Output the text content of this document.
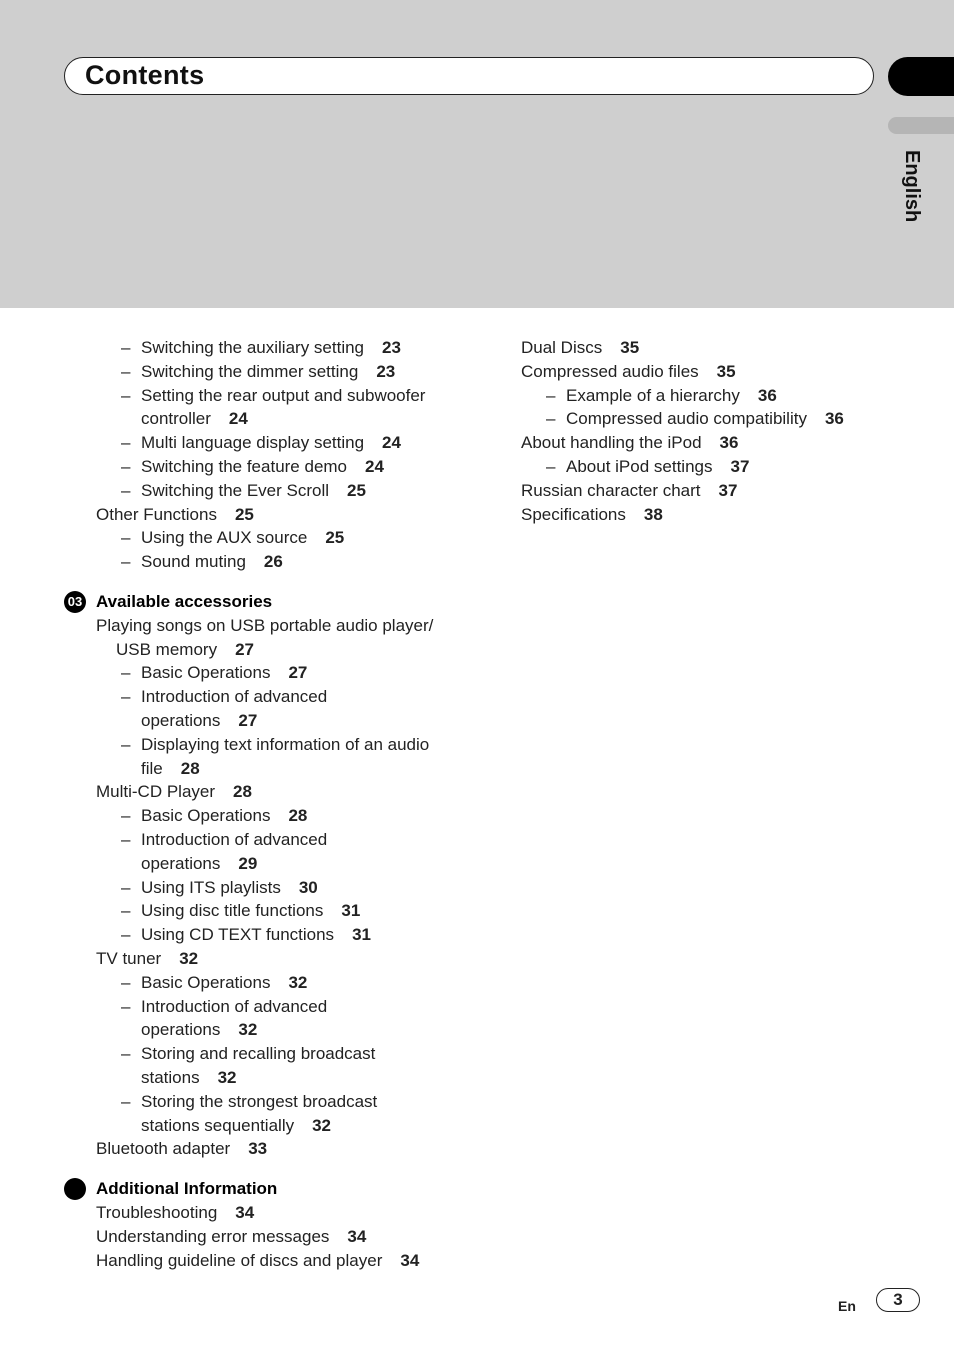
Contents
English
– Switching the auxiliary setting 23
– Switching the dimmer setting 23
– Setting the rear output and subwoofer
controller 24
– Multi language display setting 24
– Switching the feature demo 24
– Switching the Ever Scroll 25
Other Functions 25
– Using the AUX source 25
– Sound muting 26
03 Available accessories
Playing songs on USB portable audio player/
USB memory 27
– Basic Operations 27
– Introduction of advanced
operations 27
– Displaying text information of an audio
file 28
Multi-CD Player 28
– Basic Operations 28
– Introduction of advanced
operations 29
– Using ITS playlists 30
– Using disc title functions 31
– Using CD TEXT functions 31
TV tuner 32
– Basic Operations 32
– Introduction of advanced
operations 32
– Storing and recalling broadcast
stations 32
– Storing the strongest broadcast
stations sequentially 32
Bluetooth adapter 33
Additional Information
Troubleshooting 34
Understanding error messages 34
Handling guideline of discs and player 34
Dual Discs 35
Compressed audio files 35
– Example of a hierarchy 36
– Compressed audio compatibility 36
About handling the iPod 36
– About iPod settings 37
Russian character chart 37
Specifications 38
En	3
